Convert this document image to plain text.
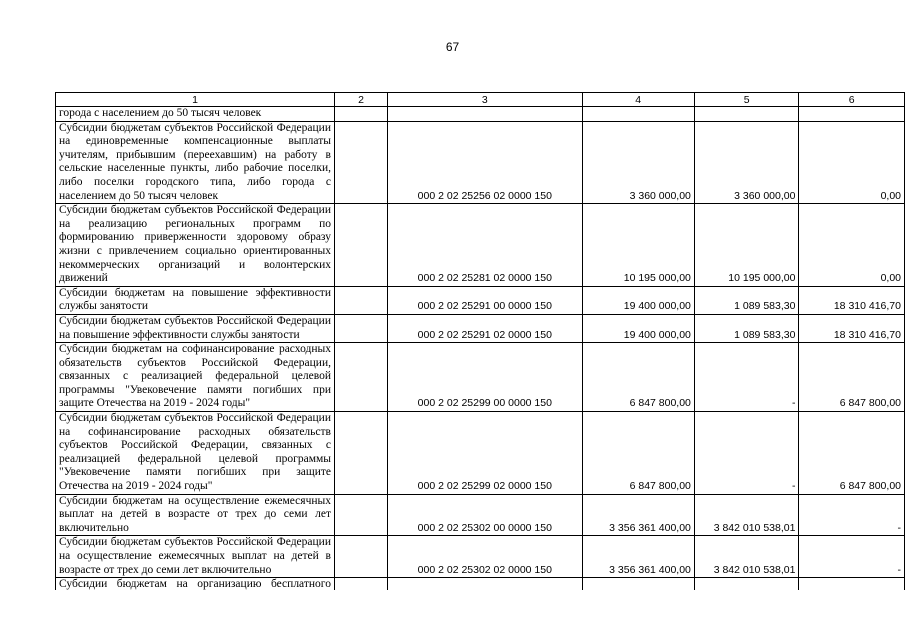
67
1	2	3	4	5	6
города с населением до 50 тысяч человек					
Субсидии бюджетам субъектов Российской Федерации на единовременные компенсационные выплаты учителям, прибывшим (переехавшим) на работу в сельские населенные пункты, либо рабочие поселки, либо поселки городского типа, либо города с населением до 50 тысяч человек		000 2 02 25256 02 0000 150	3 360 000,00	3 360 000,00	0,00
Субсидии бюджетам субъектов Российской Федерации на реализацию региональных программ по формированию приверженности здоровому образу жизни с привлечением социально ориентированных некоммерческих организаций и волонтерских движений		000 2 02 25281 02 0000 150	10 195 000,00	10 195 000,00	0,00
Субсидии бюджетам на повышение эффективности службы занятости		000 2 02 25291 00 0000 150	19 400 000,00	1 089 583,30	18 310 416,70
Субсидии бюджетам субъектов Российской Федерации на повышение эффективности службы занятости		000 2 02 25291 02 0000 150	19 400 000,00	1 089 583,30	18 310 416,70
Субсидии бюджетам на софинансирование расходных обязательств субъектов Российской Федерации, связанных с реализацией федеральной целевой программы "Увековечение памяти погибших при защите Отечества на 2019 - 2024 годы"		000 2 02 25299 00 0000 150	6 847 800,00	-	6 847 800,00
Субсидии бюджетам субъектов Российской Федерации на софинансирование расходных обязательств субъектов Российской Федерации, связанных с реализацией федеральной целевой программы "Увековечение памяти погибших при защите Отечества на 2019 - 2024 годы"		000 2 02 25299 02 0000 150	6 847 800,00	-	6 847 800,00
Субсидии бюджетам на осуществление ежемесячных выплат на детей в возрасте от трех до семи лет включительно		000 2 02 25302 00 0000 150	3 356 361 400,00	3 842 010 538,01	-
Субсидии бюджетам субъектов Российской Федерации на осуществление ежемесячных выплат на детей в возрасте от трех до семи лет включительно		000 2 02 25302 02 0000 150	3 356 361 400,00	3 842 010 538,01	-
Субсидии бюджетам на организацию бесплатного					
